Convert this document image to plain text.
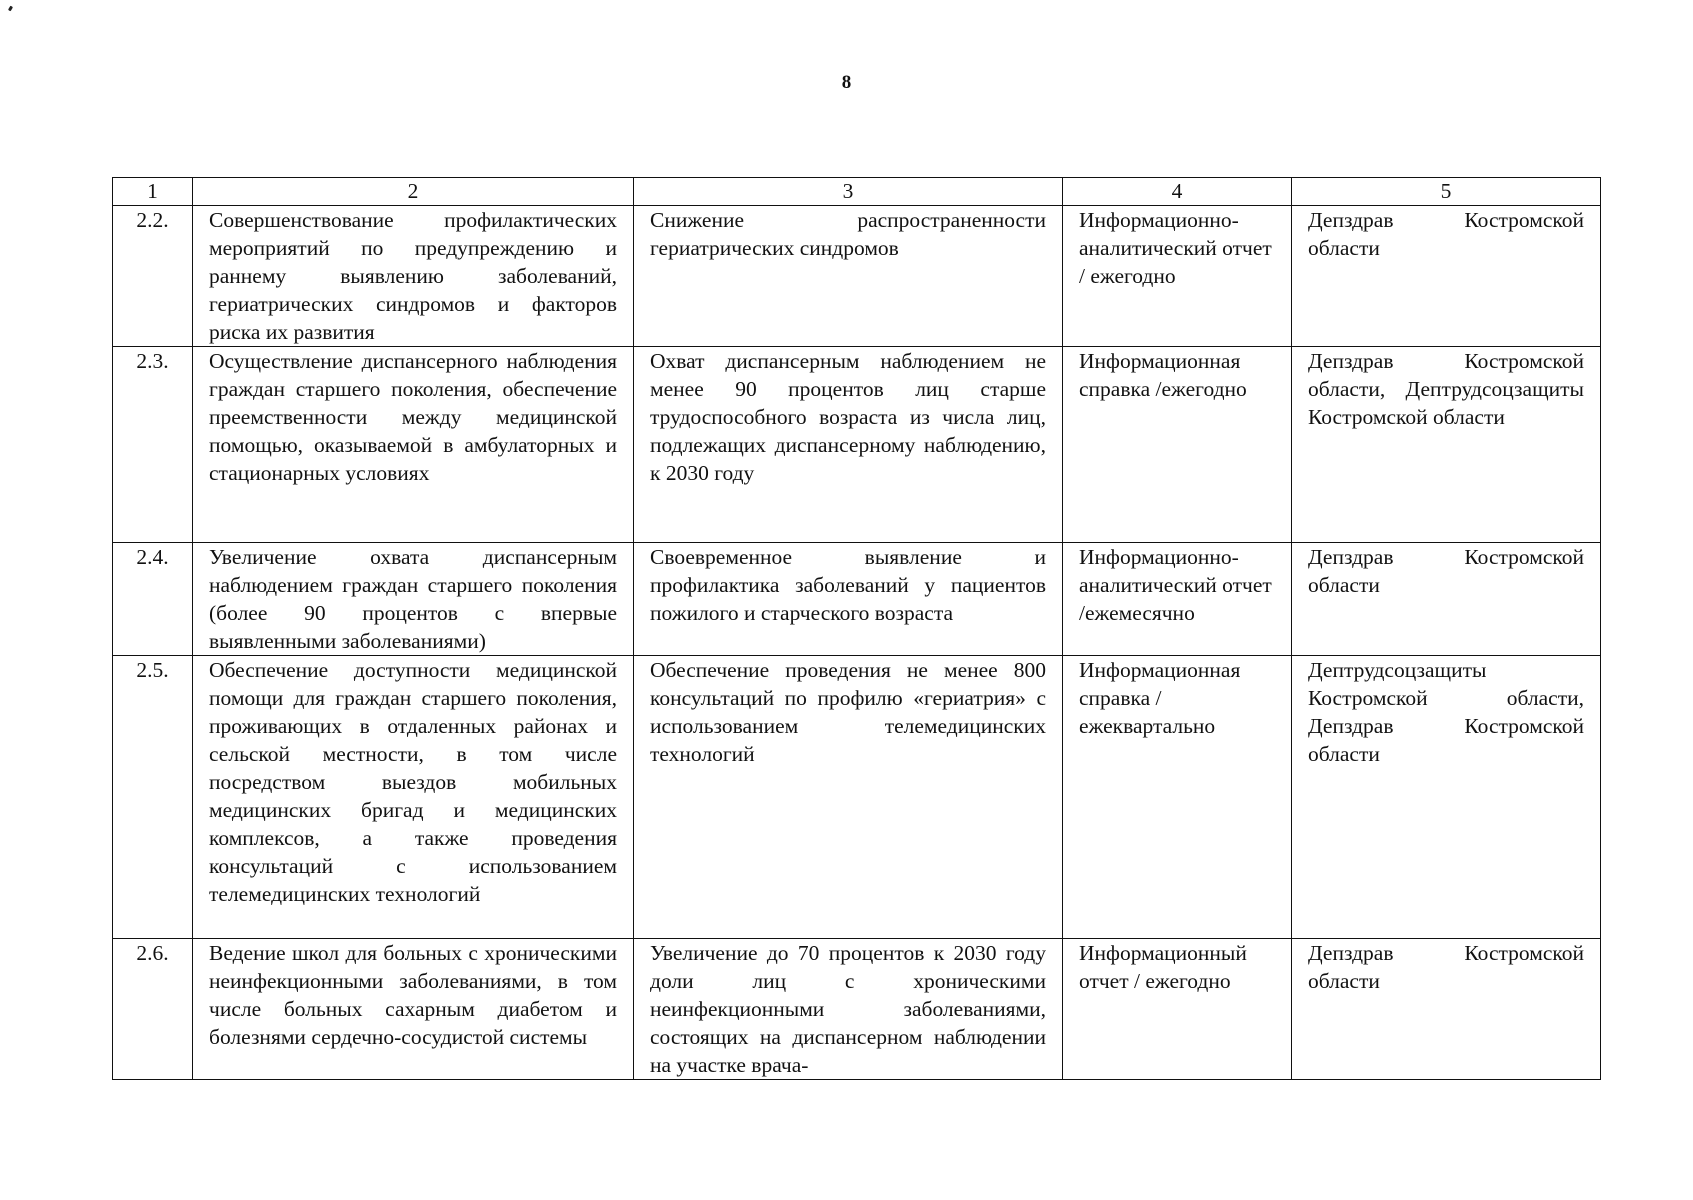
8
1	2	3	4	5
2.2.	Совершенствование профилактических мероприятий по предупреждению и раннему выявлению заболеваний, гериатрических синдромов и факторов риска их развития	Снижение распространенности гериатрических синдромов	Информационно-аналитический отчет / ежегодно	Депздрав Костромской области
2.3.	Осуществление диспансерного наблюдения граждан старшего поколения, обеспечение преемственности между медицинской помощью, оказываемой в амбулаторных и стационарных условиях	Охват диспансерным наблюдением не менее 90 процентов лиц старше трудоспособного возраста из числа лиц, подлежащих диспансерному наблюдению, к 2030 году	Информационная справка /ежегодно	Депздрав Костромской области, Дептрудсоцзащиты Костромской области
2.4.	Увеличение охвата диспансерным наблюдением граждан старшего поколения (более 90 процентов с впервые выявленными заболеваниями)	Своевременное выявление и профилактика заболеваний у пациентов пожилого и старческого возраста	Информационно-аналитический отчет /ежемесячно	Депздрав Костромской области
2.5.	Обеспечение доступности медицинской помощи для граждан старшего поколения, проживающих в отдаленных районах и сельской местности, в том числе посредством выездов мобильных медицинских бригад и медицинских комплексов, а также проведения консультаций с использованием телемедицинских технологий	Обеспечение проведения не менее 800 консультаций по профилю «гериатрия» с использованием телемедицинских технологий	Информационная справка /ежеквартально	Дептрудсоцзащиты Костромской области, Депздрав Костромской области
2.6.	Ведение школ для больных с хроническими неинфекционными заболеваниями, в том числе больных сахарным диабетом и болезнями сердечно-сосудистой системы	Увеличение до 70 процентов к 2030 году доли лиц с хроническими неинфекционными заболеваниями, состоящих на диспансерном наблюдении на участке врача-	Информационный отчет / ежегодно	Депздрав Костромской области
